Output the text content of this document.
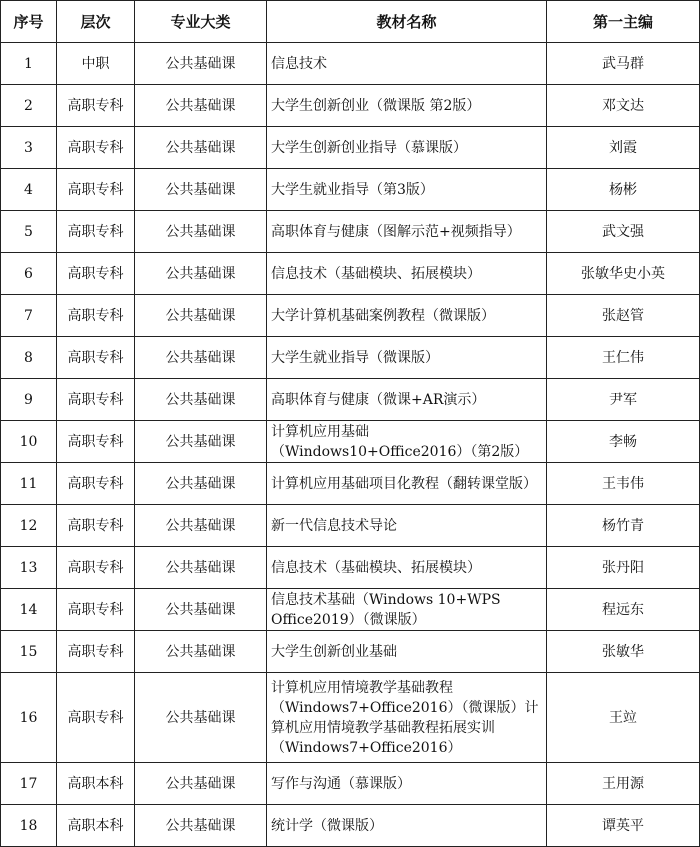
序号	层次	专业大类	教材名称	第一主编
1	中职	公共基础课	信息技术	武马群
2	高职专科	公共基础课	大学生创新创业（微课版 第2版）	邓文达
3	高职专科	公共基础课	大学生创新创业指导（慕课版）	刘霞
4	高职专科	公共基础课	大学生就业指导（第3版）	杨彬
5	高职专科	公共基础课	高职体育与健康（图解示范+视频指导）	武文强
6	高职专科	公共基础课	信息技术（基础模块、拓展模块）	张敏华史小英
7	高职专科	公共基础课	大学计算机基础案例教程（微课版）	张赵管
8	高职专科	公共基础课	大学生就业指导（微课版）	王仁伟
9	高职专科	公共基础课	高职体育与健康（微课+AR演示）	尹军
10	高职专科	公共基础课	计算机应用基础（Windows10+Office2016）（第2版）	李畅
11	高职专科	公共基础课	计算机应用基础项目化教程（翻转课堂版）	王韦伟
12	高职专科	公共基础课	新一代信息技术导论	杨竹青
13	高职专科	公共基础课	信息技术（基础模块、拓展模块）	张丹阳
14	高职专科	公共基础课	信息技术基础（Windows 10+WPS Office2019）（微课版）	程远东
15	高职专科	公共基础课	大学生创新创业基础	张敏华
16	高职专科	公共基础课	计算机应用情境教学基础教程（Windows7+Office2016）（微课版）计算机应用情境教学基础教程拓展实训（Windows7+Office2016）	王竝
17	高职本科	公共基础课	写作与沟通（慕课版）	王用源
18	高职本科	公共基础课	统计学（微课版）	谭英平
